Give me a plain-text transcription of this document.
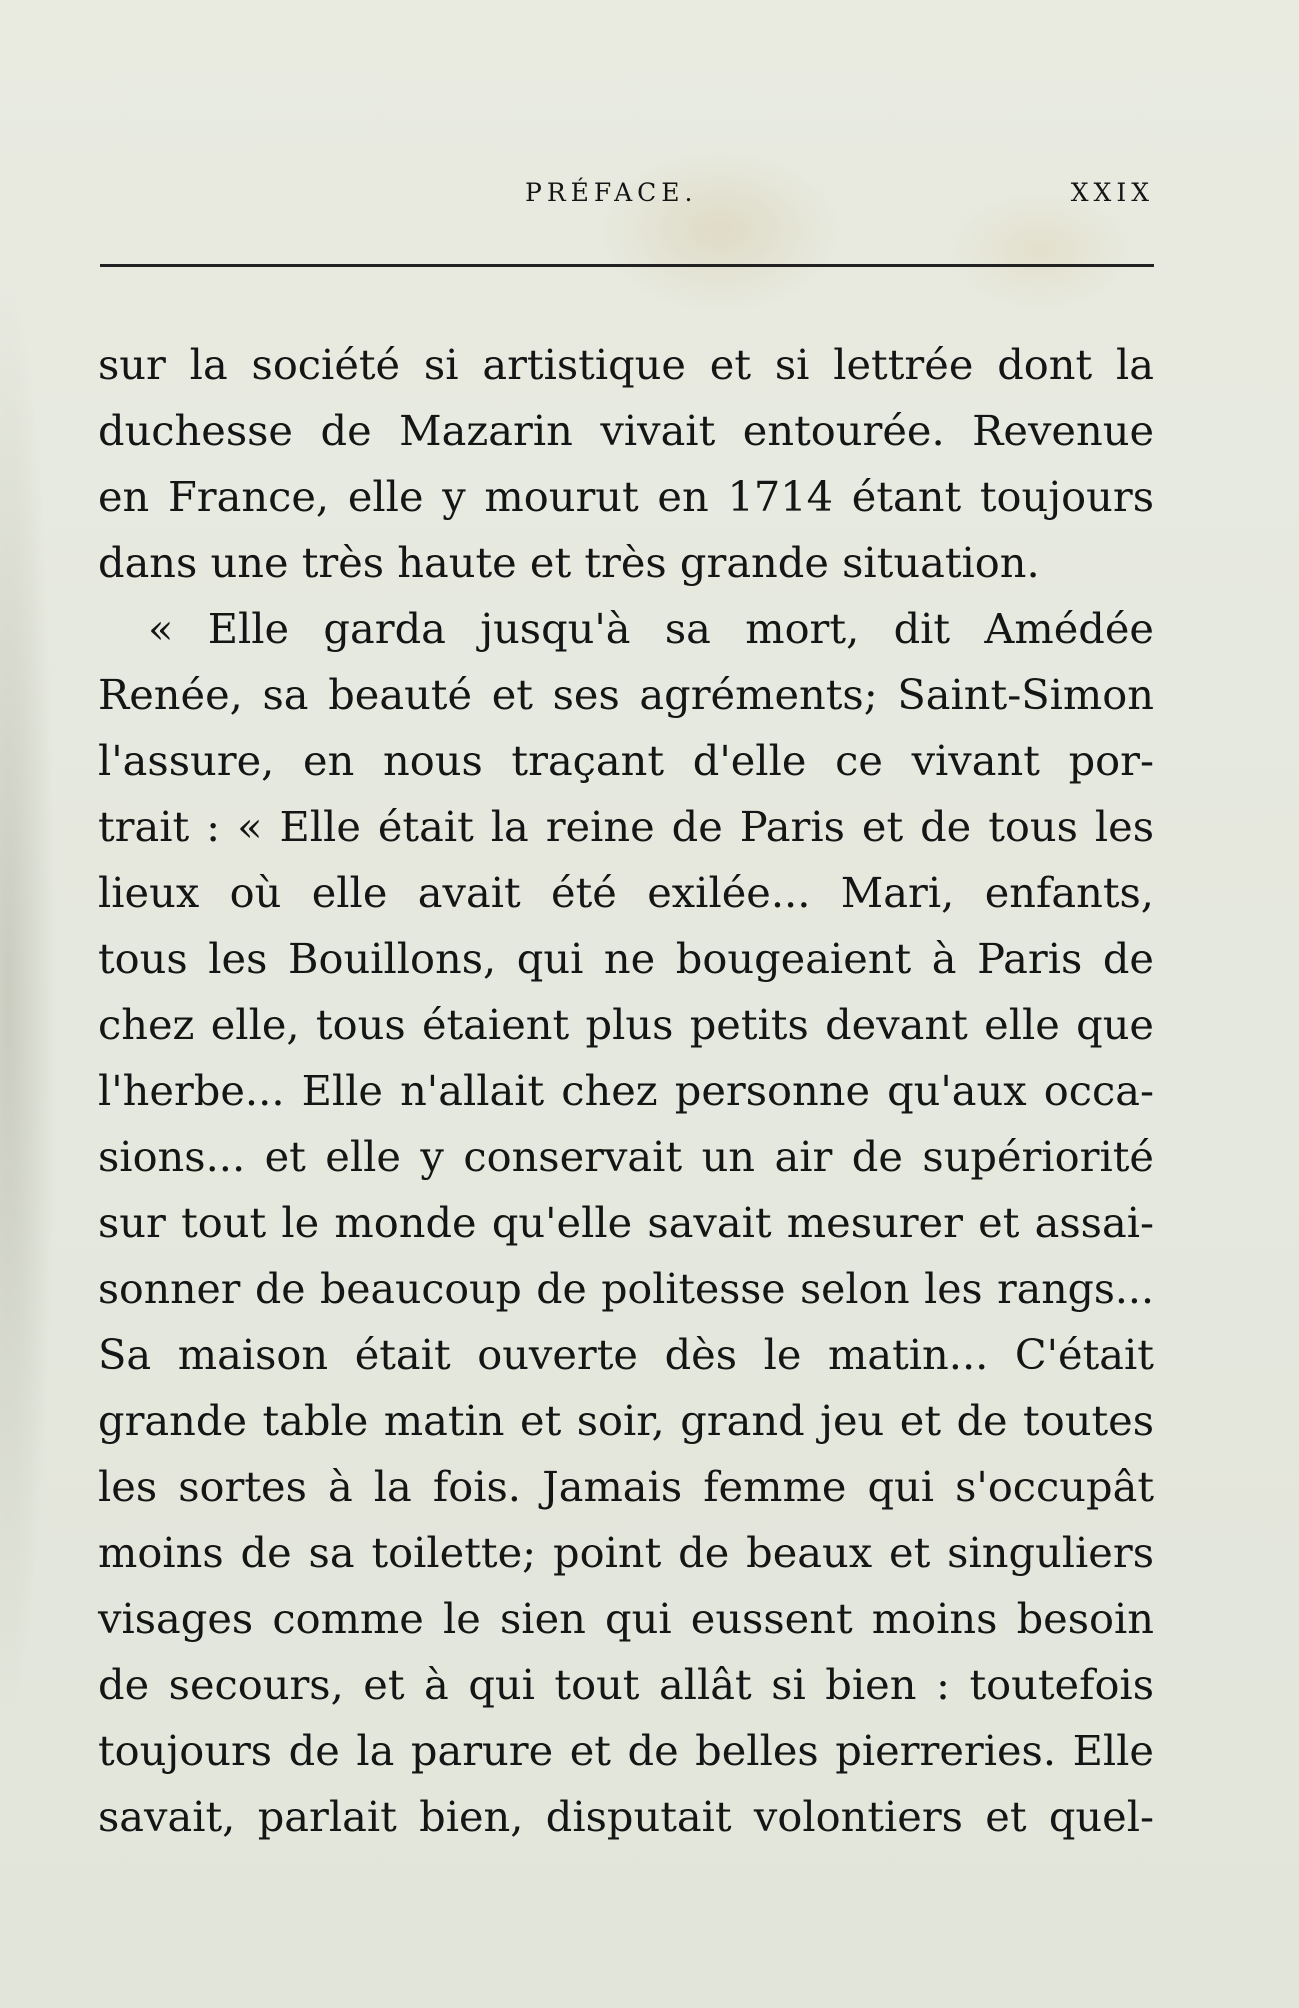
PRÉFACE.	XXIX
sur la société si artistique et si lettrée dont la
duchesse de Mazarin vivait entourée. Revenue
en France, elle y mourut en 1714 étant toujours
dans une très haute et très grande situation.
« Elle garda jusqu'à sa mort, dit Amédée
Renée, sa beauté et ses agréments; Saint-Simon
l'assure, en nous traçant d'elle ce vivant por-
trait : « Elle était la reine de Paris et de tous les
lieux où elle avait été exilée... Mari, enfants,
tous les Bouillons, qui ne bougeaient à Paris de
chez elle, tous étaient plus petits devant elle que
l'herbe... Elle n'allait chez personne qu'aux occa-
sions... et elle y conservait un air de supériorité
sur tout le monde qu'elle savait mesurer et assai-
sonner de beaucoup de politesse selon les rangs...
Sa maison était ouverte dès le matin... C'était
grande table matin et soir, grand jeu et de toutes
les sortes à la fois. Jamais femme qui s'occupât
moins de sa toilette; point de beaux et singuliers
visages comme le sien qui eussent moins besoin
de secours, et à qui tout allât si bien : toutefois
toujours de la parure et de belles pierreries. Elle
savait, parlait bien, disputait volontiers et quel-
